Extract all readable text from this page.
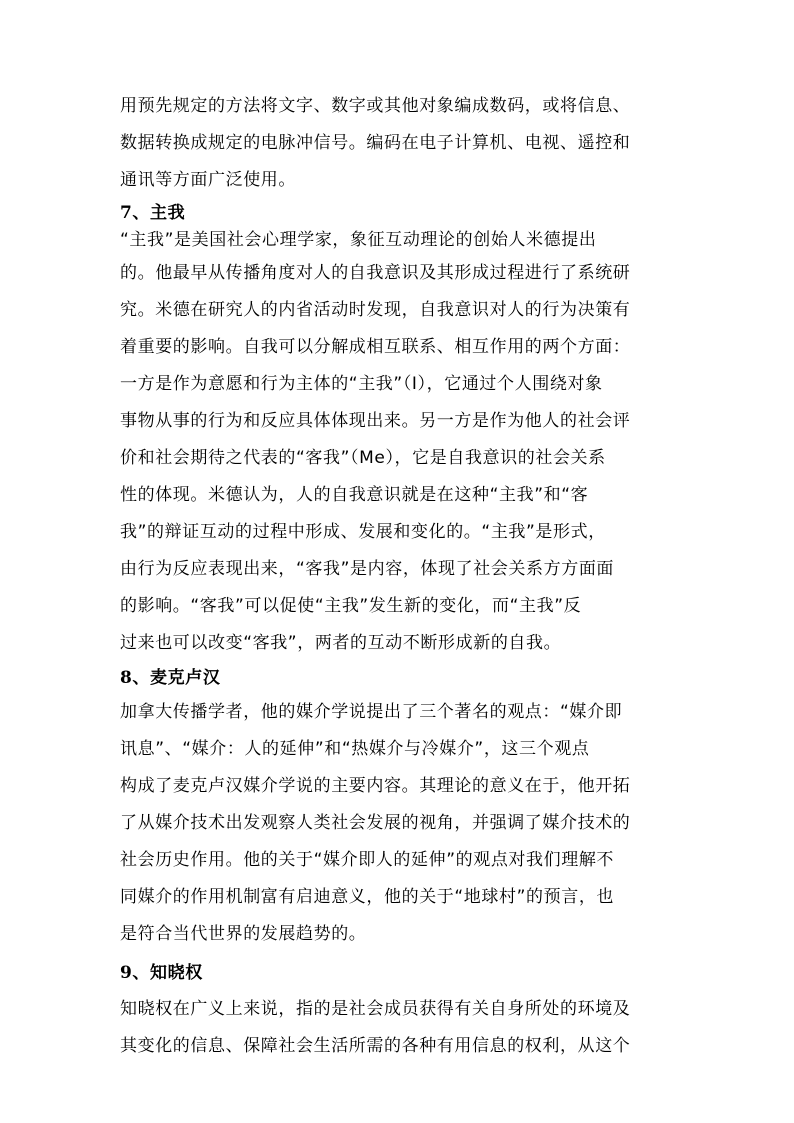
用预先规定的方法将文字、数字或其他对象编成数码，或将信息、
数据转换成规定的电脉冲信号。编码在电子计算机、电视、遥控和
通讯等方面广泛使用。
7、主我
“主我”是美国社会心理学家，象征互动理论的创始人米德提出
的。他最早从传播角度对人的自我意识及其形成过程进行了系统研
究。米德在研究人的内省活动时发现，自我意识对人的行为决策有
着重要的影响。自我可以分解成相互联系、相互作用的两个方面：
一方是作为意愿和行为主体的“主我”（I），它通过个人围绕对象
事物从事的行为和反应具体体现出来。另一方是作为他人的社会评
价和社会期待之代表的“客我”（Me），它是自我意识的社会关系
性的体现。米德认为，人的自我意识就是在这种“主我”和“客
我”的辩证互动的过程中形成、发展和变化的。“主我”是形式，
由行为反应表现出来，“客我”是内容，体现了社会关系方方面面
的影响。“客我”可以促使“主我”发生新的变化，而“主我”反
过来也可以改变“客我”，两者的互动不断形成新的自我。
8、麦克卢汉
加拿大传播学者，他的媒介学说提出了三个著名的观点：“媒介即
讯息”、“媒介：人的延伸”和“热媒介与冷媒介”，这三个观点
构成了麦克卢汉媒介学说的主要内容。其理论的意义在于，他开拓
了从媒介技术出发观察人类社会发展的视角，并强调了媒介技术的
社会历史作用。他的关于“媒介即人的延伸”的观点对我们理解不
同媒介的作用机制富有启迪意义，他的关于“地球村”的预言，也
是符合当代世界的发展趋势的。
9、知晓权
知晓权在广义上来说，指的是社会成员获得有关自身所处的环境及
其变化的信息、保障社会生活所需的各种有用信息的权利，从这个
